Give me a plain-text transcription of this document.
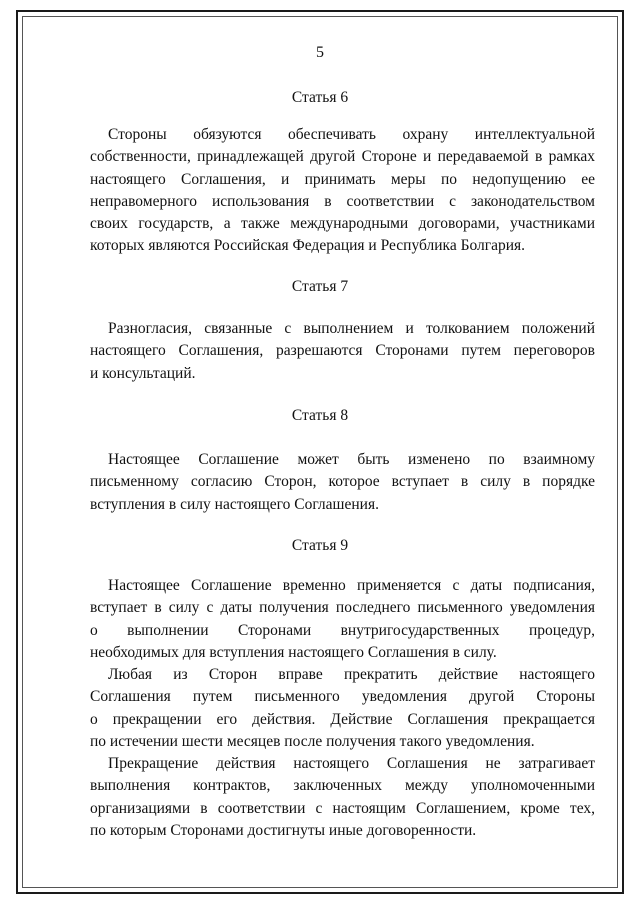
5
Статья 6
Стороны обязуются обеспечивать охрану интеллектуальной
собственности, принадлежащей другой Стороне и передаваемой в рамках
настоящего Соглашения, и принимать меры по недопущению ее
неправомерного использования в соответствии с законодательством
своих государств, а также международными договорами, участниками
которых являются Российская Федерация и Республика Болгария.
Статья 7
Разногласия, связанные с выполнением и толкованием положений
настоящего Соглашения, разрешаются Сторонами путем переговоров
и консультаций.
Статья 8
Настоящее Соглашение может быть изменено по взаимному
письменному согласию Сторон, которое вступает в силу в порядке
вступления в силу настоящего Соглашения.
Статья 9
Настоящее Соглашение временно применяется с даты подписания,
вступает в силу с даты получения последнего письменного уведомления
о выполнении Сторонами внутригосударственных процедур,
необходимых для вступления настоящего Соглашения в силу.
Любая из Сторон вправе прекратить действие настоящего
Соглашения путем письменного уведомления другой Стороны
о прекращении его действия. Действие Соглашения прекращается
по истечении шести месяцев после получения такого уведомления.
Прекращение действия настоящего Соглашения не затрагивает
выполнения контрактов, заключенных между уполномоченными
организациями в соответствии с настоящим Соглашением, кроме тех,
по которым Сторонами достигнуты иные договоренности.
